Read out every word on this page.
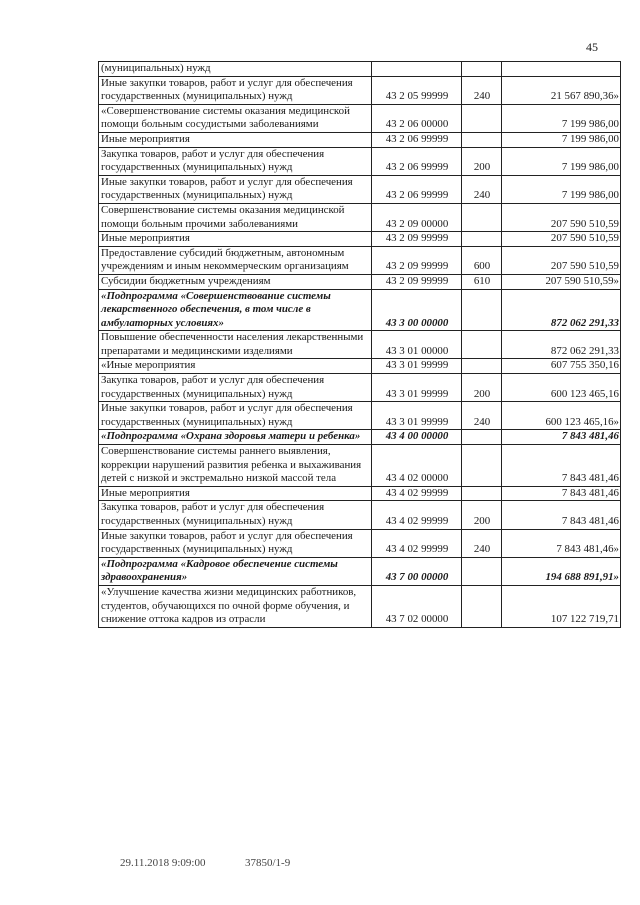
45
(муниципальных) нужд			
Иные закупки товаров, работ и услуг для обеспечения государственных (муниципальных) нужд	43 2 05 99999	240	21 567 890,36»
«Совершенствование системы оказания медицинской помощи больным сосудистыми заболеваниями	43 2 06 00000		7 199 986,00
Иные мероприятия	43 2 06 99999		7 199 986,00
Закупка товаров, работ и услуг для обеспечения государственных (муниципальных) нужд	43 2 06 99999	200	7 199 986,00
Иные закупки товаров, работ и услуг для обеспечения государственных (муниципальных) нужд	43 2 06 99999	240	7 199 986,00
Совершенствование системы оказания медицинской помощи больным прочими заболеваниями	43 2 09 00000		207 590 510,59
Иные мероприятия	43 2 09 99999		207 590 510,59
Предоставление субсидий бюджетным, автономным учреждениям и иным некоммерческим организациям	43 2 09 99999	600	207 590 510,59
Субсидии бюджетным учреждениям	43 2 09 99999	610	207 590 510,59»
«Подпрограмма «Совершенствование системы лекарственного обеспечения, в том числе в амбулаторных условиях»	43 3 00 00000		872 062 291,33
Повышение обеспеченности населения лекарственными препаратами и медицинскими изделиями	43 3 01 00000		872 062 291,33
«Иные мероприятия	43 3 01 99999		607 755 350,16
Закупка товаров, работ и услуг для обеспечения государственных (муниципальных) нужд	43 3 01 99999	200	600 123 465,16
Иные закупки товаров, работ и услуг для обеспечения государственных (муниципальных) нужд	43 3 01 99999	240	600 123 465,16»
«Подпрограмма «Охрана здоровья матери и ребенка»	43 4 00 00000		7 843 481,46
Совершенствование системы раннего выявления, коррекции нарушений развития ребенка и выхаживания детей с низкой и экстремально низкой массой тела	43 4 02 00000		7 843 481,46
Иные мероприятия	43 4 02 99999		7 843 481,46
Закупка товаров, работ и услуг для обеспечения государственных (муниципальных) нужд	43 4 02 99999	200	7 843 481,46
Иные закупки товаров, работ и услуг для обеспечения государственных (муниципальных) нужд	43 4 02 99999	240	7 843 481,46»
«Подпрограмма «Кадровое обеспечение системы здравоохранения»	43 7 00 00000		194 688 891,91»
«Улучшение качества жизни медицинских работников, студентов, обучающихся по очной форме обучения, и снижение оттока кадров из отрасли	43 7 02 00000		107 122 719,71
29.11.2018 9:09:00	37850/1-9
